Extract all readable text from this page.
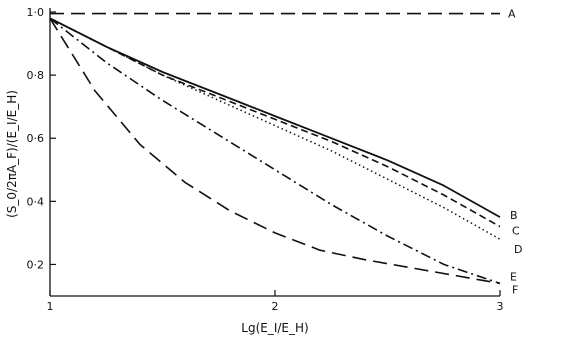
0·2
0·4
0·6
0·8
1·0
1	2	3
A
B
C
D
E
F
Lg(E_I/E_H)
(S_0/2πA_F)/(E_I/E_H)
